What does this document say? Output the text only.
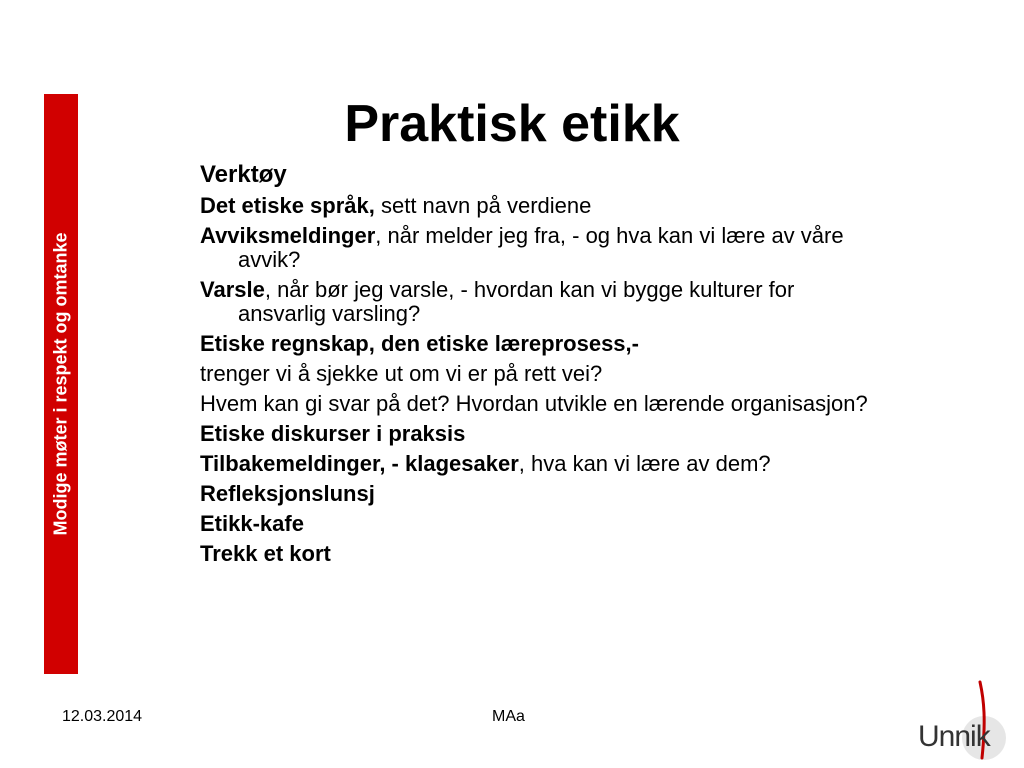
Modige møter i respekt og omtanke
Praktisk etikk
Verktøy
Det etiske språk, sett navn på verdiene
Avviksmeldinger, når melder jeg fra, - og hva kan vi lære av våre avvik?
Varsle, når bør jeg varsle, - hvordan kan vi bygge kulturer for ansvarlig varsling?
Etiske regnskap, den etiske læreprosess,-
trenger vi å sjekke ut om vi er på rett vei?
Hvem kan gi svar på det? Hvordan utvikle en lærende organisasjon?
Etiske diskurser i praksis
Tilbakemeldinger, - klagesaker, hva kan vi lære av dem?
Refleksjonslunsj
Etikk-kafe
Trekk et kort
12.03.2014	MAa
Unnik
